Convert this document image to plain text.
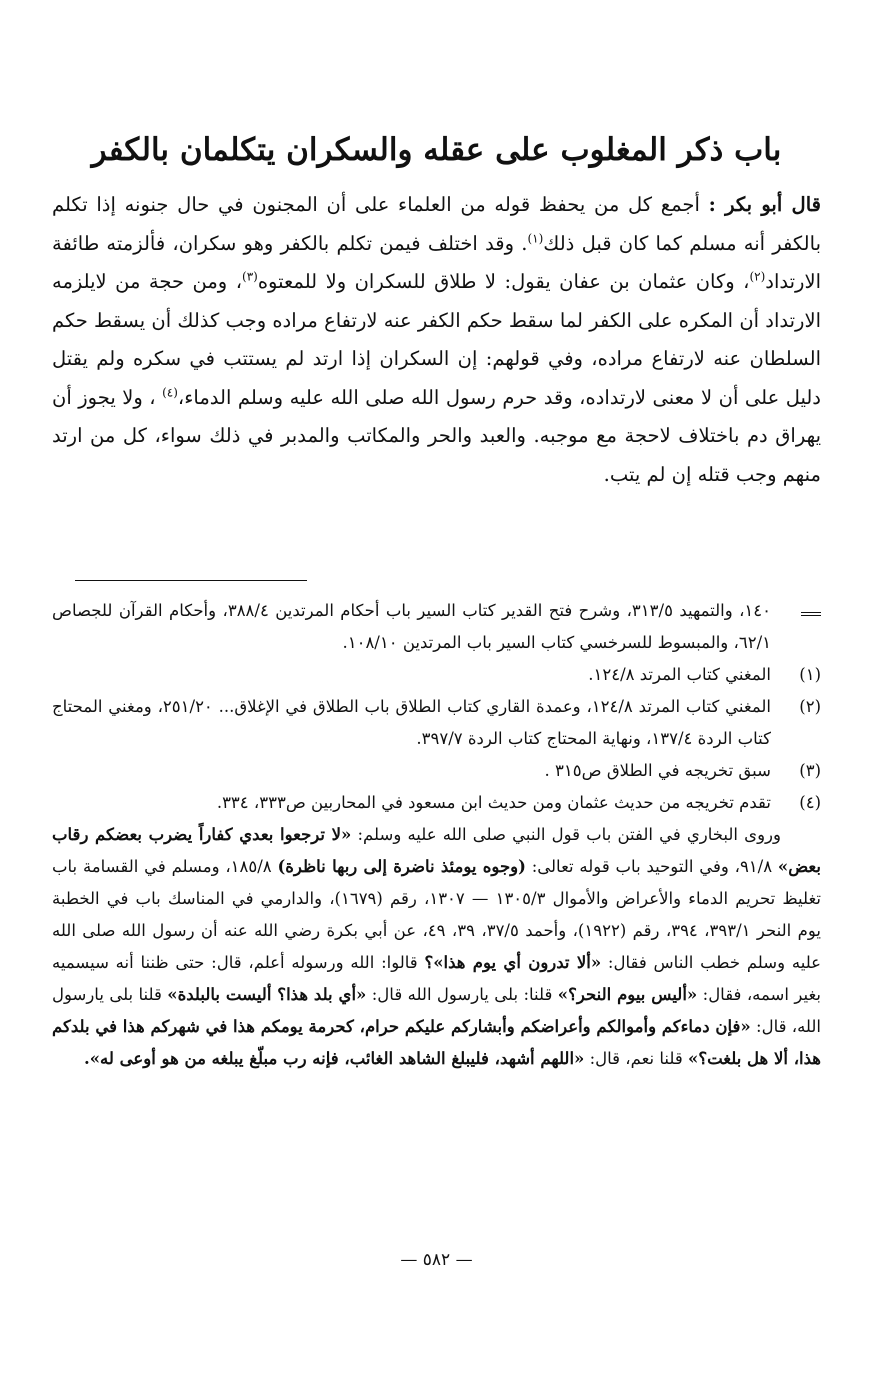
باب ذكر المغلوب على عقله والسكران يتكلمان بالكفر

قال أبو بكر : أجمع كل من يحفظ قوله من العلماء على أن المجنون في حال جنونه إذا تكلم بالكفر أنه مسلم كما كان قبل ذلك$^{(١)}$. وقد اختلف فيمن تكلم بالكفر وهو سكران، فألزمته طائفة الارتداد$^{(٢)}$، وكان عثمان بن عفان يقول: لا طلاق للسكران ولا للمعتوه$^{(٣)}$، ومن حجة من لايلزمه الارتداد أن المكره على الكفر لما سقط حكم الكفر عنه لارتفاع مراده وجب كذلك أن يسقط حكم السلطان عنه لارتفاع مراده، وفي قولهم: إن السكران إذا ارتد لم يستتب في سكره ولم يقتل دليل على أن لا معنى لارتداده، وقد حرم رسول الله صلى الله عليه وسلم الدماء،$^{(٤)}$ ، ولا يجوز أن يهراق دم باختلاف لاحجة مع موجبه. والعبد والحر والمكاتب والمدبر في ذلك سواء، كل من ارتد منهم وجب قتله إن لم يتب.

١٤٠، والتمهيد ٣١٣/٥، وشرح فتح القدير كتاب السير باب أحكام المرتدين ٣٨٨/٤، وأحكام القرآن للجصاص ٦٢/١، والمبسوط للسرخسي كتاب السير باب المرتدين ١٠٨/١٠.
(١)
المغني كتاب المرتد ١٢٤/٨.
(٢)
المغني كتاب المرتد ١٢٤/٨، وعمدة القاري كتاب الطلاق باب الطلاق في الإغلاق... ٢٥١/٢٠، ومغني المحتاج كتاب الردة ١٣٧/٤، ونهاية المحتاج كتاب الردة ٣٩٧/٧.
(٣)
سبق تخريجه في الطلاق ص٣١٥ .
(٤)
تقدم تخريجه من حديث عثمان ومن حديث ابن مسعود في المحاربين ص٣٣٣، ٣٣٤.

وروى البخاري في الفتن باب قول النبي صلى الله عليه وسلم: «لا ترجعوا بعدي كفاراً يضرب بعضكم رقاب بعض» ٩١/٨، وفي التوحيد باب قوله تعالى: (وجوه يومئذ ناضرة إلى ربها ناظرة) ١٨٥/٨، ومسلم في القسامة باب تغليظ تحريم الدماء والأعراض والأموال ١٣٠٥/٣ — ١٣٠٧، رقم (١٦٧٩)، والدارمي في المناسك باب في الخطبة يوم النحر ٣٩٣/١، ٣٩٤، رقم (١٩٢٢)، وأحمد ٣٧/٥، ٣٩، ٤٩، عن أبي بكرة رضي الله عنه أن رسول الله صلى الله عليه وسلم خطب الناس فقال: «ألا تدرون أي يوم هذا»؟ قالوا: الله ورسوله أعلم، قال: حتى ظننا أنه سيسميه بغير اسمه، فقال: «أليس بيوم النحر؟» قلنا: بلى يارسول الله قال: «أي بلد هذا؟ أليست بالبلدة» قلنا بلى يارسول الله، قال: «فإن دماءكم وأموالكم وأعراضكم وأبشاركم عليكم حرام، كحرمة يومكم هذا في شهركم هذا في بلدكم هذا، ألا هل بلغت؟» قلنا نعم، قال: «اللهم أشهد، فليبلغ الشاهد الغائب، فإنه رب مبلّغ يبلغه من هو أوعى له».

— ٥٨٢ —
